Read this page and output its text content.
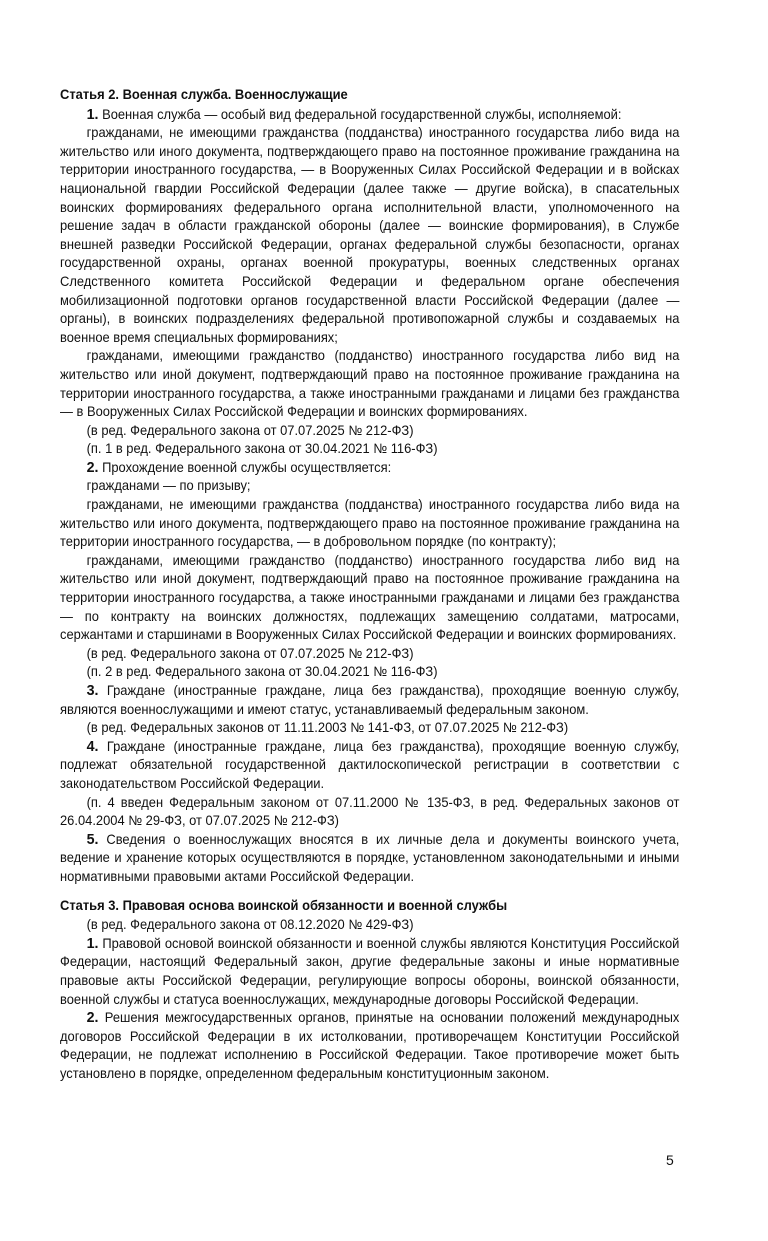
Статья 2. Военная служба. Военнослужащие

1. Военная служба — особый вид федеральной государственной службы, исполняемой:

гражданами, не имеющими гражданства (подданства) иностранного государства либо вида на жительство или иного документа, подтверждающего право на постоянное проживание гражданина на территории иностранного государства, — в Вооруженных Силах Российской Федерации и в войсках национальной гвардии Российской Федерации (далее также — другие войска), в спасательных воинских формированиях федерального органа исполнительной власти, уполномоченного на решение задач в области гражданской обороны (далее — воинские формирования), в Службе внешней разведки Российской Федерации, органах федеральной службы безопасности, органах государственной охраны, органах военной прокуратуры, военных следственных органах Следственного комитета Российской Федерации и федеральном органе обеспечения мобилизационной подготовки органов государственной власти Российской Федерации (далее — органы), в воинских подразделениях федеральной противопожарной службы и создаваемых на военное время специальных формированиях;

гражданами, имеющими гражданство (подданство) иностранного государства либо вид на жительство или иной документ, подтверждающий право на постоянное проживание гражданина на территории иностранного государства, а также иностранными гражданами и лицами без гражданства — в Вооруженных Силах Российской Федерации и воинских формированиях.

(в ред. Федерального закона от 07.07.2025 № 212-ФЗ)

(п. 1 в ред. Федерального закона от 30.04.2021 № 116-ФЗ)

2. Прохождение военной службы осуществляется:

гражданами — по призыву;

гражданами, не имеющими гражданства (подданства) иностранного государства либо вида на жительство или иного документа, подтверждающего право на постоянное проживание гражданина на территории иностранного государства, — в добровольном порядке (по контракту);

гражданами, имеющими гражданство (подданство) иностранного государства либо вид на жительство или иной документ, подтверждающий право на постоянное проживание гражданина на территории иностранного государства, а также иностранными гражданами и лицами без гражданства — по контракту на воинских должностях, подлежащих замещению солдатами, матросами, сержантами и старшинами в Вооруженных Силах Российской Федерации и воинских формированиях.

(в ред. Федерального закона от 07.07.2025 № 212-ФЗ)

(п. 2 в ред. Федерального закона от 30.04.2021 № 116-ФЗ)

3. Граждане (иностранные граждане, лица без гражданства), проходящие военную службу, являются военнослужащими и имеют статус, устанавливаемый федеральным законом.

(в ред. Федеральных законов от 11.11.2003 № 141-ФЗ, от 07.07.2025 № 212-ФЗ)

4. Граждане (иностранные граждане, лица без гражданства), проходящие военную службу, подлежат обязательной государственной дактилоскопической регистрации в соответствии с законодательством Российской Федерации.

(п. 4 введен Федеральным законом от 07.11.2000 № 135-ФЗ, в ред. Федеральных законов от 26.04.2004 № 29-ФЗ, от 07.07.2025 № 212-ФЗ)

5. Сведения о военнослужащих вносятся в их личные дела и документы воинского учета, ведение и хранение которых осуществляются в порядке, установленном законодательными и иными нормативными правовыми актами Российской Федерации.

Статья 3. Правовая основа воинской обязанности и военной службы

(в ред. Федерального закона от 08.12.2020 № 429-ФЗ)

1. Правовой основой воинской обязанности и военной службы являются Конституция Российской Федерации, настоящий Федеральный закон, другие федеральные законы и иные нормативные правовые акты Российской Федерации, регулирующие вопросы обороны, воинской обязанности, военной службы и статуса военнослужащих, международные договоры Российской Федерации.

2. Решения межгосударственных органов, принятые на основании положений международных договоров Российской Федерации в их истолковании, противоречащем Конституции Российской Федерации, не подлежат исполнению в Российской Федерации. Такое противоречие может быть установлено в порядке, определенном федеральным конституционным законом.

5
